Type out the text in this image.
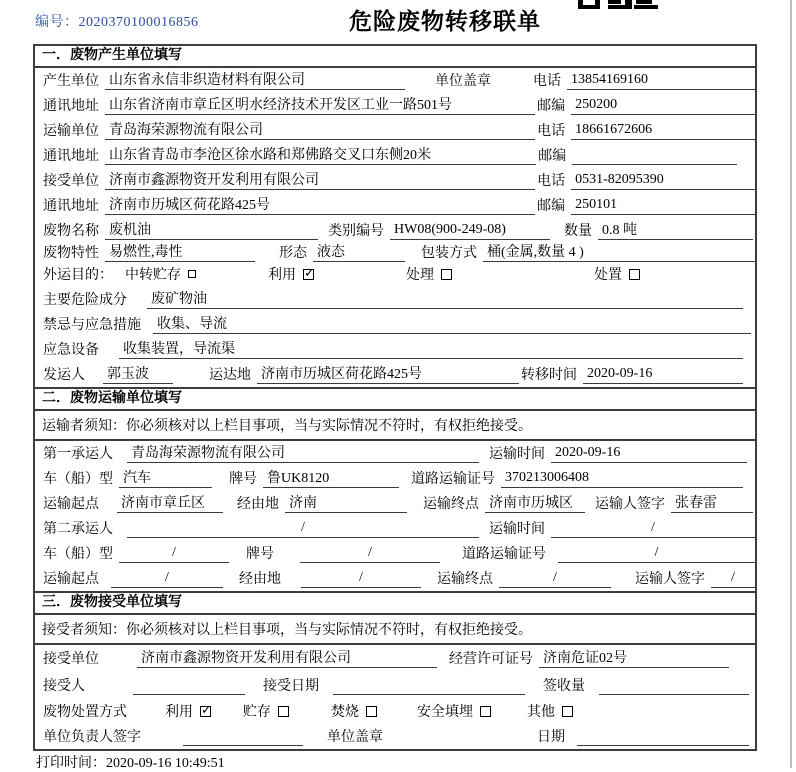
编号：2020370100016856	危险废物转移联单
一．废物产生单位填写
产生单位 山东省永信非织造材料有限公司	单位盖章	电话 13854169160
通讯地址 山东省济南市章丘区明水经济技术开发区工业一路501号	邮编 250200
运输单位 青岛海荣源物流有限公司	电话 18661672606
通讯地址 山东省青岛市李沧区徐水路和郑佛路交叉口东侧20米	邮编
接受单位 济南市鑫源物资开发利用有限公司	电话 0531-82095390
通讯地址 济南市历城区荷花路425号	邮编 250101
废物名称 废机油	类别编号 HW08(900-249-08)	数量 0.8 吨
废物特性 易燃性,毒性	形态 液态	包装方式 桶(金属,数量 4 )
外运目的： 中转贮存	利用 ✓	处理	处置
主要危险成分	废矿物油
禁忌与应急措施	收集、导流
应急设备	收集装置，导流渠
发运人	郭玉波	运达地 济南市历城区荷花路425号	转移时间 2020-09-16
二．废物运输单位填写
运输者须知： 你必须核对以上栏目事项，当与实际情况不符时，有权拒绝接受。
第一承运人	青岛海荣源物流有限公司	运输时间 2020-09-16
车（船）型 汽车	牌号 鲁UK8120	道路运输证号 370213006408
运输起点	济南市章丘区	经由地 济南	运输终点 济南市历城区	运输人签字 张春雷
第二承运人	/	运输时间	/
车（船）型	/	牌号	/	道路运输证号	/
运输起点	/	经由地	/	运输终点	/	运输人签字	/
三．废物接受单位填写
接受者须知： 你必须核对以上栏目事项，当与实际情况不符时，有权拒绝接受。
接受单位	济南市鑫源物资开发利用有限公司	经营许可证号 济南危证02号
接受人	接受日期	签收量
废物处置方式	利用 ✓	贮存	焚烧	安全填埋	其他
单位负责人签字	单位盖章	日期
打印时间：2020-09-16 10:49:51
